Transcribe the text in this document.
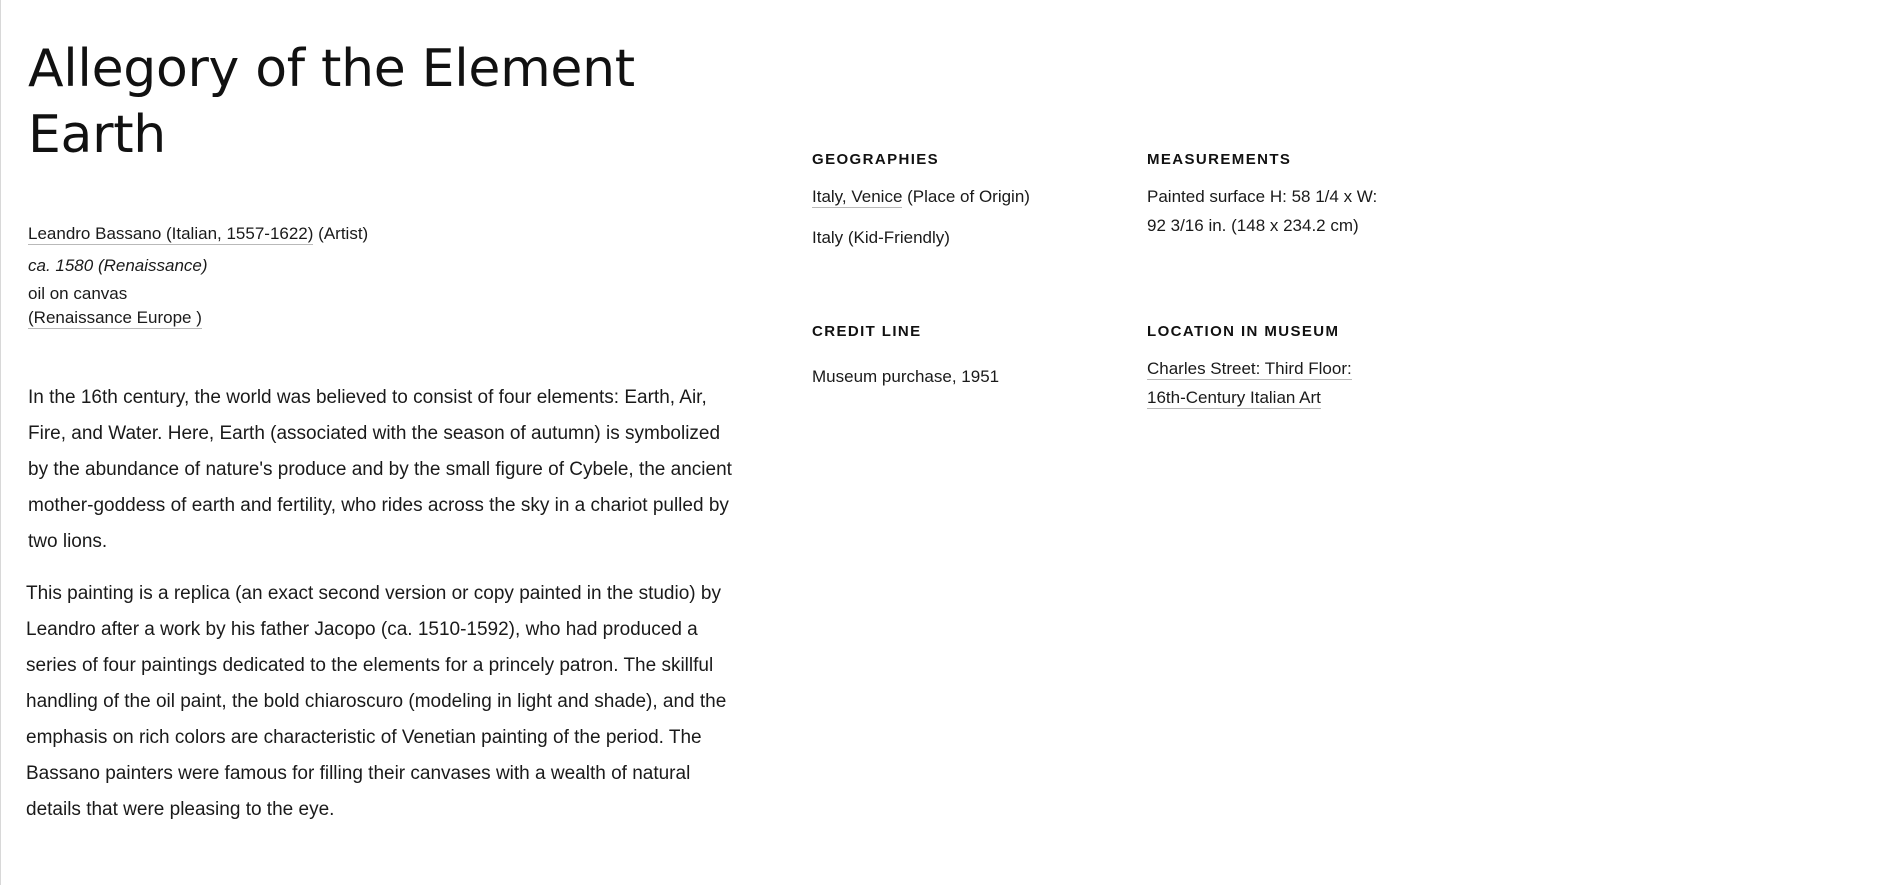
Allegory of the Element Earth
Leandro Bassano (Italian, 1557-1622) (Artist)
ca. 1580 (Renaissance)
oil on canvas
(Renaissance Europe )

In the 16th century, the world was believed to consist of four elements: Earth, Air, Fire, and Water. Here, Earth (associated with the season of autumn) is symbolized by the abundance of nature's produce and by the small figure of Cybele, the ancient mother-goddess of earth and fertility, who rides across the sky in a chariot pulled by two lions.

This painting is a replica (an exact second version or copy painted in the studio) by Leandro after a work by his father Jacopo (ca. 1510-1592), who had produced a series of four paintings dedicated to the elements for a princely patron. The skillful handling of the oil paint, the bold chiaroscuro (modeling in light and shade), and the emphasis on rich colors are characteristic of Venetian painting of the period. The Bassano painters were famous for filling their canvases with a wealth of natural details that were pleasing to the eye.

GEOGRAPHIES
Italy, Venice (Place of Origin)
Italy (Kid-Friendly)
CREDIT LINE
Museum purchase, 1951
MEASUREMENTS
Painted surface H: 58 1/4 x W:
92 3/16 in. (148 x 234.2 cm)
LOCATION IN MUSEUM
Charles Street: Third Floor:
16th-Century Italian Art
